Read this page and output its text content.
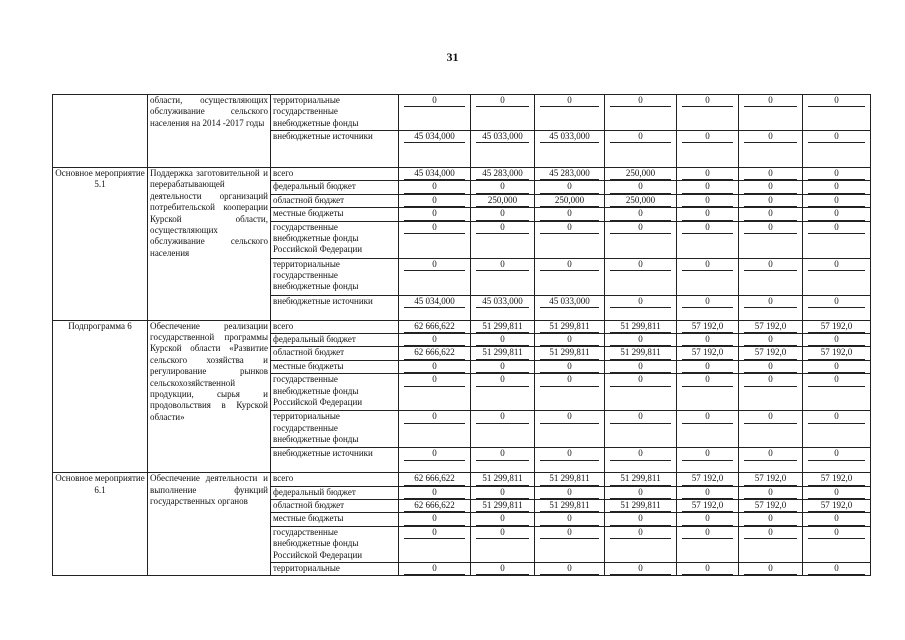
31
	области, осуществляющих обслуживание сельского населения на 2014 -2017 годы	территориальные государственные внебюджетные фонды	0	0	0	0	0	0	0

		внебюджетные источники	45 034,000	45 033,000	45 033,000	0	0	0	0

Основное мероприятие 5.1	Поддержка заготовительной и перерабатывающей деятельности организаций потребительской кооперации Курской области, осуществляющих обслуживание сельского населения	всего	45 034,000	45 283,000	45 283,000	250,000	0	0	0

		федеральный бюджет	0	0	0	0	0	0	0

		областной бюджет	0	250,000	250,000	250,000	0	0	0

		местные бюджеты	0	0	0	0	0	0	0

		государственные внебюджетные фонды Российской Федерации	0	0	0	0	0	0	0

		территориальные государственные внебюджетные фонды	0	0	0	0	0	0	0

		внебюджетные источники	45 034,000	45 033,000	45 033,000	0	0	0	0

Подпрограмма 6	Обеспечение реализации государственной программы Курской области «Развитие сельского хозяйства и регулирование рынков сельскохозяйственной продукции, сырья и продовольствия в Курской области»	всего	62 666,622	51 299,811	51 299,811	51 299,811	57 192,0	57 192,0	57 192,0

		федеральный бюджет	0	0	0	0	0	0	0

		областной бюджет	62 666,622	51 299,811	51 299,811	51 299,811	57 192,0	57 192,0	57 192,0

		местные бюджеты	0	0	0	0	0	0	0

		государственные внебюджетные фонды Российской Федерации	0	0	0	0	0	0	0

		территориальные государственные внебюджетные фонды	0	0	0	0	0	0	0

		внебюджетные источники	0	0	0	0	0	0	0

Основное мероприятие 6.1	Обеспечение деятельности и выполнение функций государственных органов	всего	62 666,622	51 299,811	51 299,811	51 299,811	57 192,0	57 192,0	57 192,0

		федеральный бюджет	0	0	0	0	0	0	0

		областной бюджет	62 666,622	51 299,811	51 299,811	51 299,811	57 192,0	57 192,0	57 192,0

		местные бюджеты	0	0	0	0	0	0	0

		государственные внебюджетные фонды Российской Федерации	0	0	0	0	0	0	0

		территориальные	0	0	0	0	0	0	0
